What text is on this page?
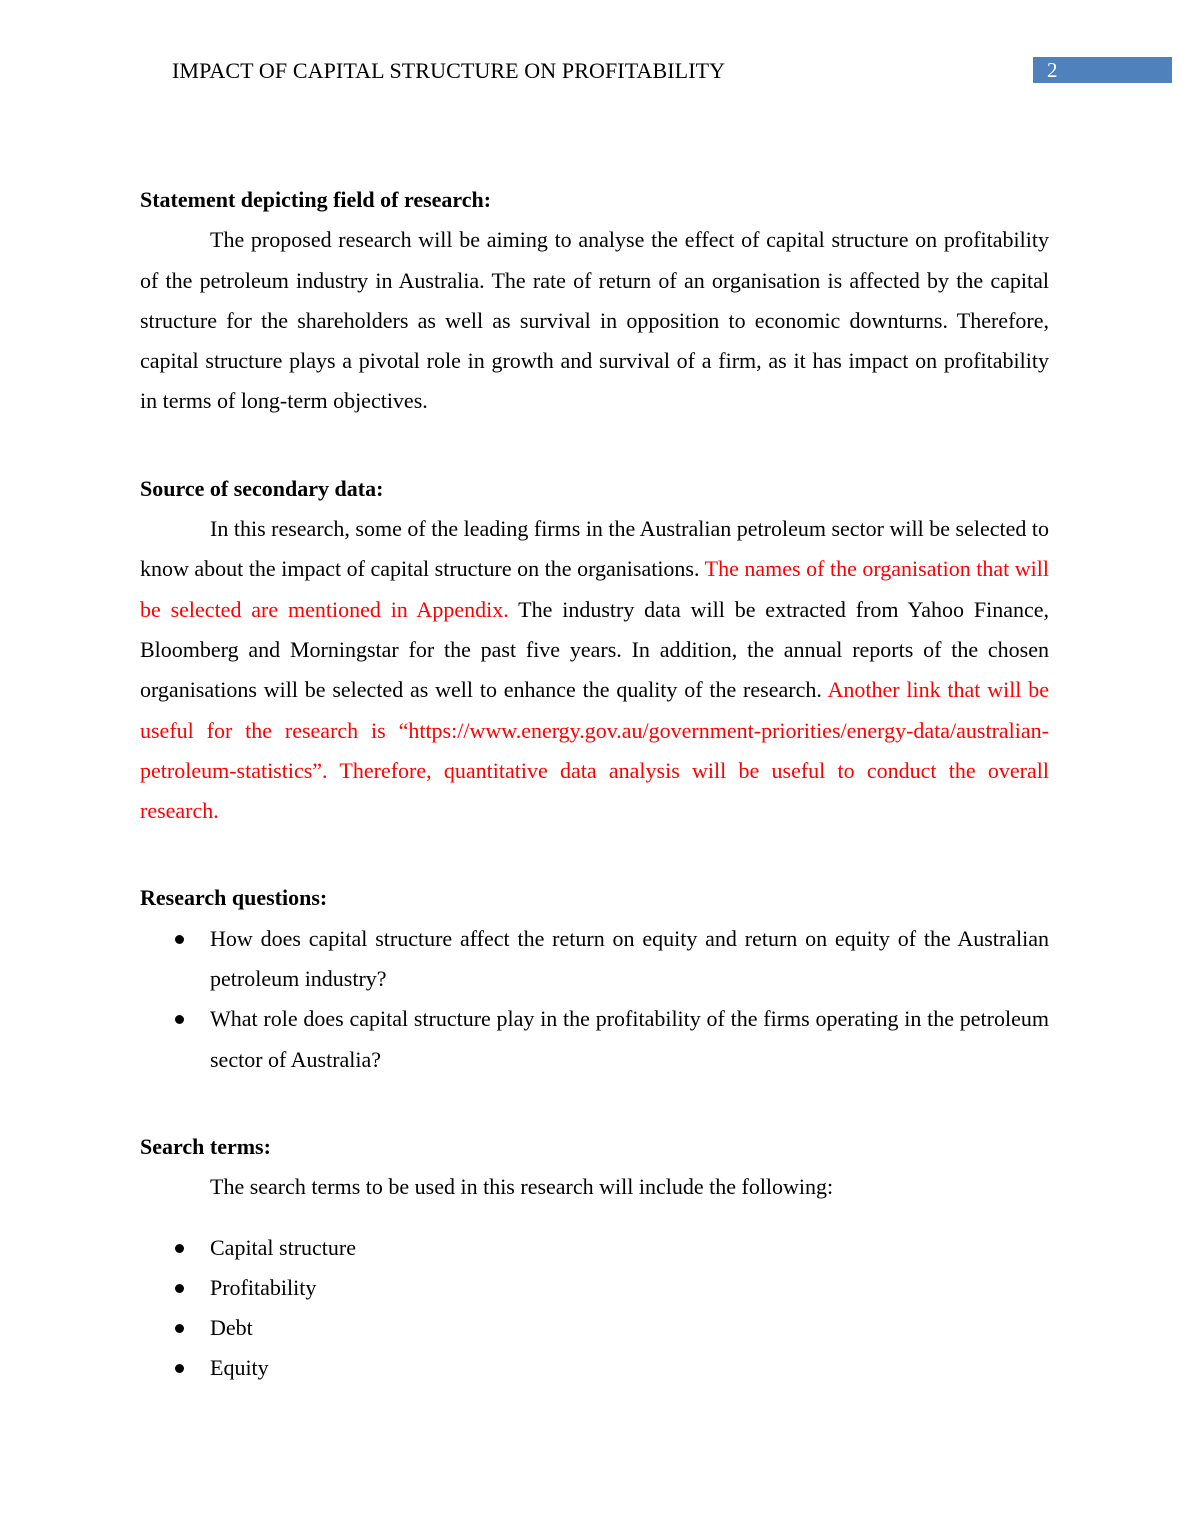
IMPACT OF CAPITAL STRUCTURE ON PROFITABILITY	2

Statement depicting field of research:

The proposed research will be aiming to analyse the effect of capital structure on profitability of the petroleum industry in Australia. The rate of return of an organisation is affected by the capital structure for the shareholders as well as survival in opposition to economic downturns. Therefore, capital structure plays a pivotal role in growth and survival of a firm, as it has impact on profitability in terms of long-term objectives.

Source of secondary data:

In this research, some of the leading firms in the Australian petroleum sector will be selected to know about the impact of capital structure on the organisations. The names of the organisation that will be selected are mentioned in Appendix. The industry data will be extracted from Yahoo Finance, Bloomberg and Morningstar for the past five years. In addition, the annual reports of the chosen organisations will be selected as well to enhance the quality of the research. Another link that will be useful for the research is “https://www.energy.gov.au/government-priorities/energy-data/australian-petroleum-statistics”. Therefore, quantitative data analysis will be useful to conduct the overall research.

Research questions:

How does capital structure affect the return on equity and return on equity of the Australian petroleum industry?
What role does capital structure play in the profitability of the firms operating in the petroleum sector of Australia?

Search terms:

The search terms to be used in this research will include the following:

Capital structure
Profitability
Debt
Equity
